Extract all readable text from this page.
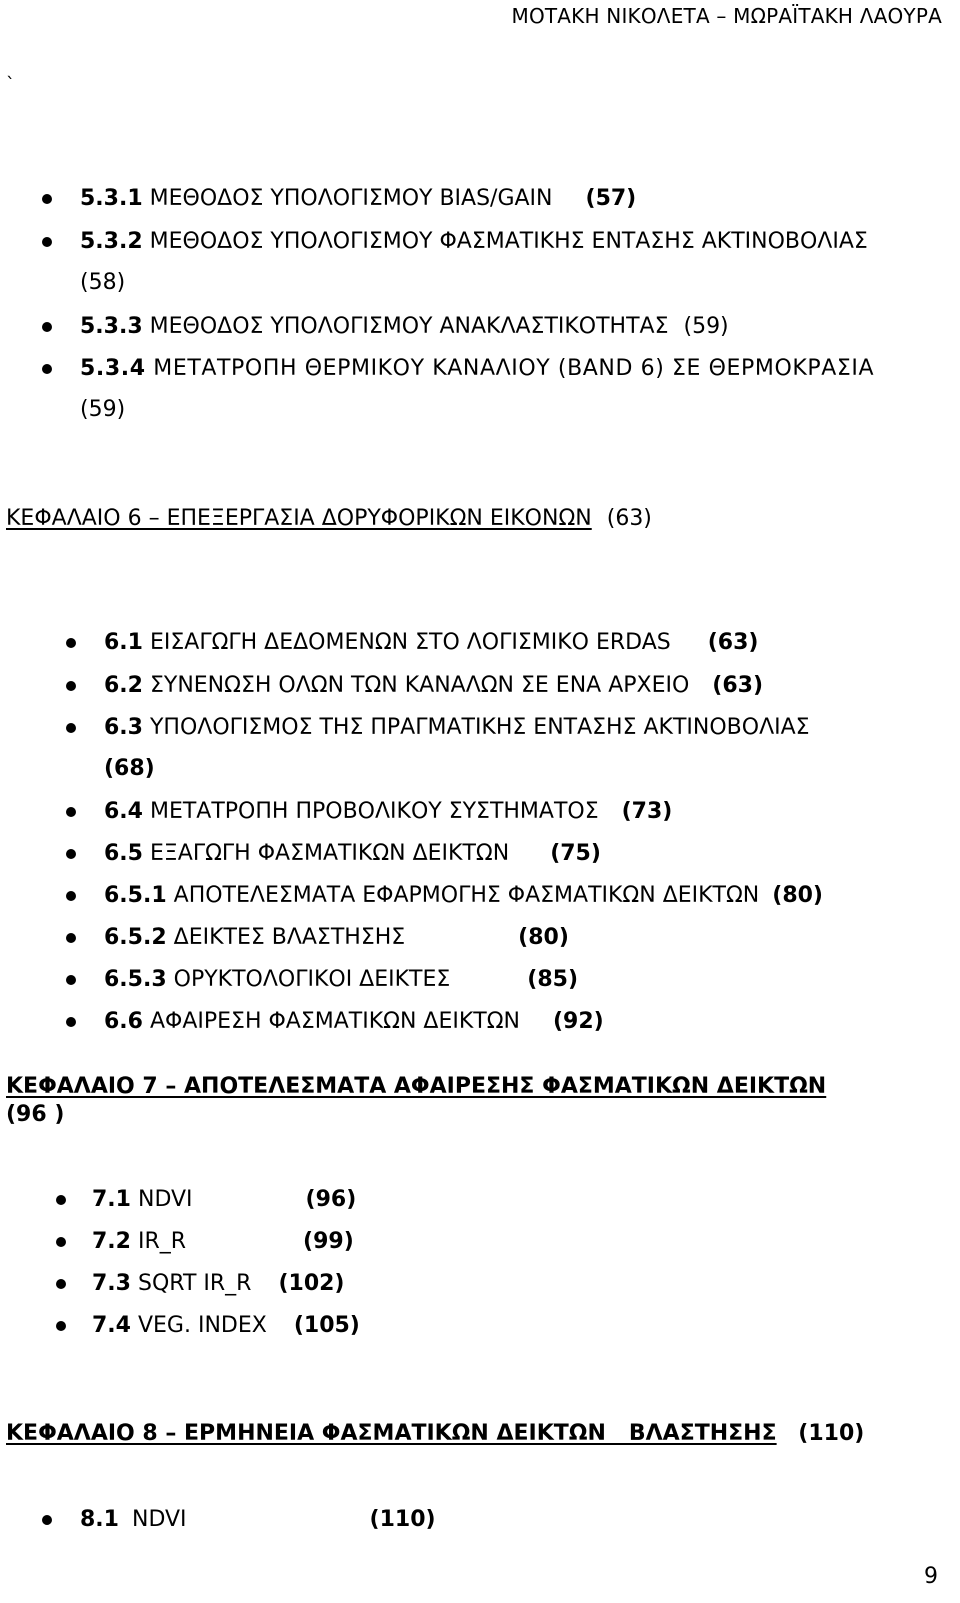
ΜΟΤΑΚΗ ΝΙΚΟΛΕΤΑ – ΜΩΡΑΪΤΑΚΗ ΛΑΟΥΡΑ
`
5.3.1 ΜΕΘΟΔΟΣ ΥΠΟΛΟΓΙΣΜΟΥ BIAS/GAIN (57)
5.3.2 ΜΕΘΟΔΟΣ ΥΠΟΛΟΓΙΣΜΟΥ ΦΑΣΜΑΤΙΚΗΣ ΕΝΤΑΣΗΣ ΑΚΤΙΝΟΒΟΛΙΑΣ
(58)
5.3.3 ΜΕΘΟΔΟΣ ΥΠΟΛΟΓΙΣΜΟΥ ΑΝΑΚΛΑΣΤΙΚΟΤΗΤΑΣ (59)
5.3.4 ΜΕΤΑΤΡΟΠΗ ΘΕΡΜΙΚΟΥ ΚΑΝΑΛΙΟΥ (BAND 6) ΣΕ ΘΕΡΜΟΚΡΑΣΙΑ
(59)
ΚΕΦΑΛΑΙΟ 6 – ΕΠΕΞΕΡΓΑΣΙΑ ΔΟΡΥΦΟΡΙΚΩΝ ΕΙΚΟΝΩΝ (63)
6.1 ΕΙΣΑΓΩΓΗ ΔΕΔΟΜΕΝΩΝ ΣΤΟ ΛΟΓΙΣΜΙΚΟ ERDAS (63)
6.2 ΣΥΝΕΝΩΣΗ ΟΛΩΝ ΤΩΝ ΚΑΝΑΛΩΝ ΣΕ ΕΝΑ ΑΡΧΕΙΟ (63)
6.3 ΥΠΟΛΟΓΙΣΜΟΣ ΤΗΣ ΠΡΑΓΜΑΤΙΚΗΣ ΕΝΤΑΣΗΣ ΑΚΤΙΝΟΒΟΛΙΑΣ
(68)
6.4 ΜΕΤΑΤΡΟΠΗ ΠΡΟΒΟΛΙΚΟΥ ΣΥΣΤΗΜΑΤΟΣ (73)
6.5 ΕΞΑΓΩΓΗ ΦΑΣΜΑΤΙΚΩΝ ΔΕΙΚΤΩΝ (75)
6.5.1 ΑΠΟΤΕΛΕΣΜΑΤΑ ΕΦΑΡΜΟΓΗΣ ΦΑΣΜΑΤΙΚΩΝ ΔΕΙΚΤΩΝ (80)
6.5.2 ΔΕΙΚΤΕΣ ΒΛΑΣΤΗΣΗΣ	(80)
6.5.3 ΟΡΥΚΤΟΛΟΓΙΚΟΙ ΔΕΙΚΤΕΣ	(85)
6.6 ΑΦΑΙΡΕΣΗ ΦΑΣΜΑΤΙΚΩΝ ΔΕΙΚΤΩΝ (92)
ΚΕΦΑΛΑΙΟ 7 – ΑΠΟΤΕΛΕΣΜΑΤΑ ΑΦΑΙΡΕΣΗΣ ΦΑΣΜΑΤΙΚΩΝ ΔΕΙΚΤΩΝ
(96 )
7.1 NDVI	(96)
7.2 IR_R	(99)
7.3 SQRT IR_R (102)
7.4 VEG. INDEX (105)
ΚΕΦΑΛΑΙΟ 8 – ΕΡΜΗΝΕΙΑ ΦΑΣΜΑΤΙΚΩΝ ΔΕΙΚΤΩΝ   ΒΛΑΣΤΗΣΗΣ (110)
8.1 NDVI	(110)
9
